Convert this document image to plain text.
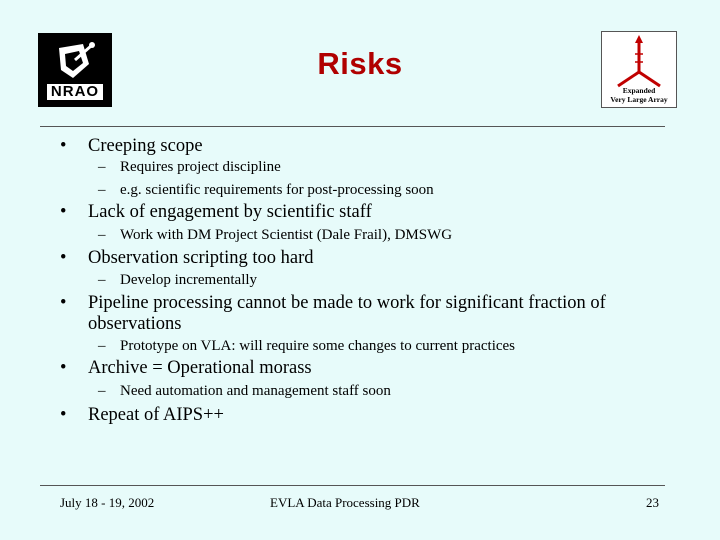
NRAO
Risks
Expanded
Very Large Array
• Creeping scope
– Requires project discipline
– e.g. scientific requirements for post-processing soon
• Lack of engagement by scientific staff
– Work with DM Project Scientist (Dale Frail), DMSWG
• Observation scripting too hard
– Develop incrementally
• Pipeline processing cannot be made to work for significant fraction of
observations
– Prototype on VLA: will require some changes to current practices
• Archive = Operational morass
– Need automation and management staff soon
• Repeat of AIPS++
July 18 - 19, 2002	EVLA Data Processing PDR	23
